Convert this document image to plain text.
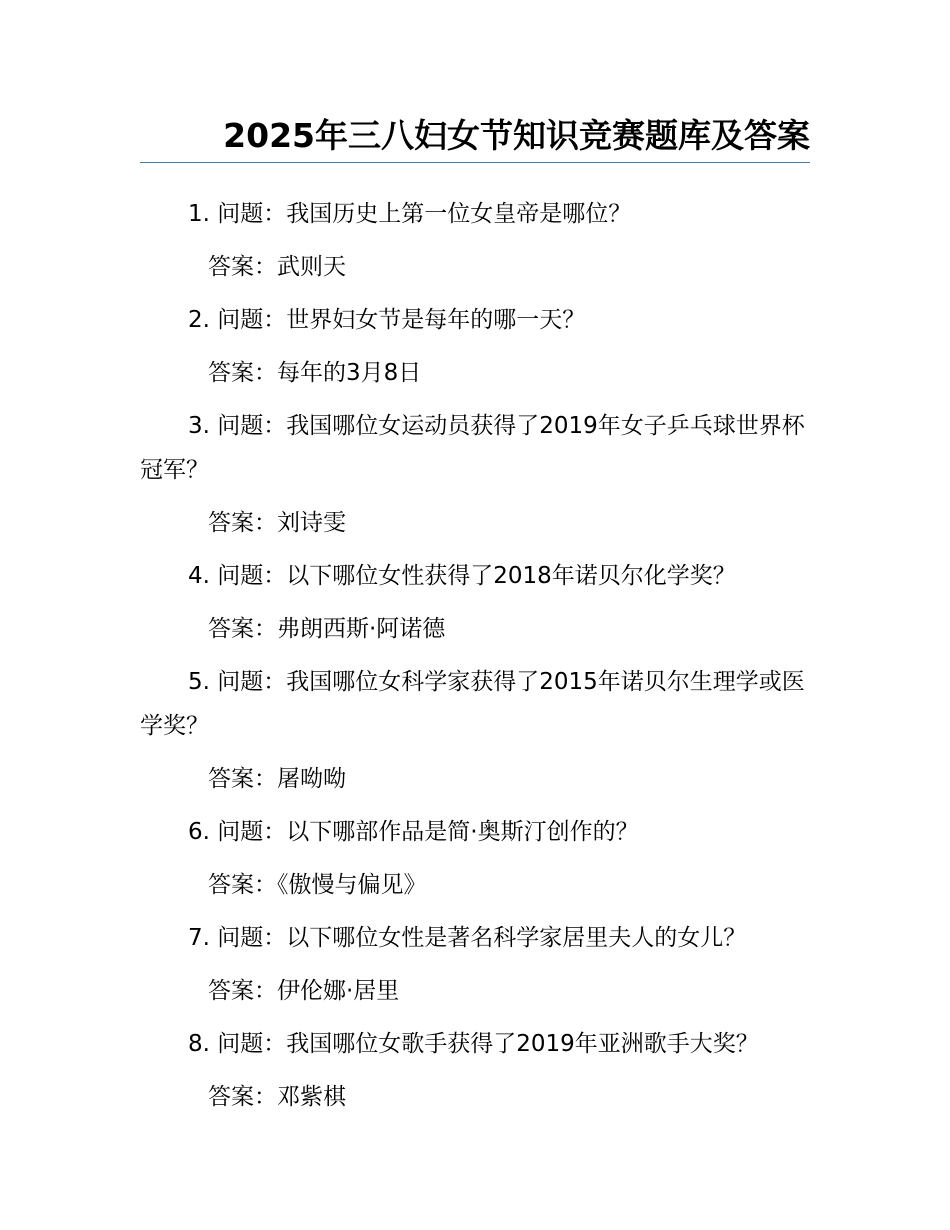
2025年三八妇女节知识竞赛题库及答案

1. 问题：我国历史上第一位女皇帝是哪位？

答案：武则天

2. 问题：世界妇女节是每年的哪一天？

答案：每年的3月8日

3. 问题：我国哪位女运动员获得了2019年女子乒乓球世界杯冠军？

答案：刘诗雯

4. 问题：以下哪位女性获得了2018年诺贝尔化学奖？

答案：弗朗西斯·阿诺德

5. 问题：我国哪位女科学家获得了2015年诺贝尔生理学或医学奖？

答案：屠呦呦

6. 问题：以下哪部作品是简·奥斯汀创作的？

答案：《傲慢与偏见》

7. 问题：以下哪位女性是著名科学家居里夫人的女儿？

答案：伊伦娜·居里

8. 问题：我国哪位女歌手获得了2019年亚洲歌手大奖？

答案：邓紫棋
